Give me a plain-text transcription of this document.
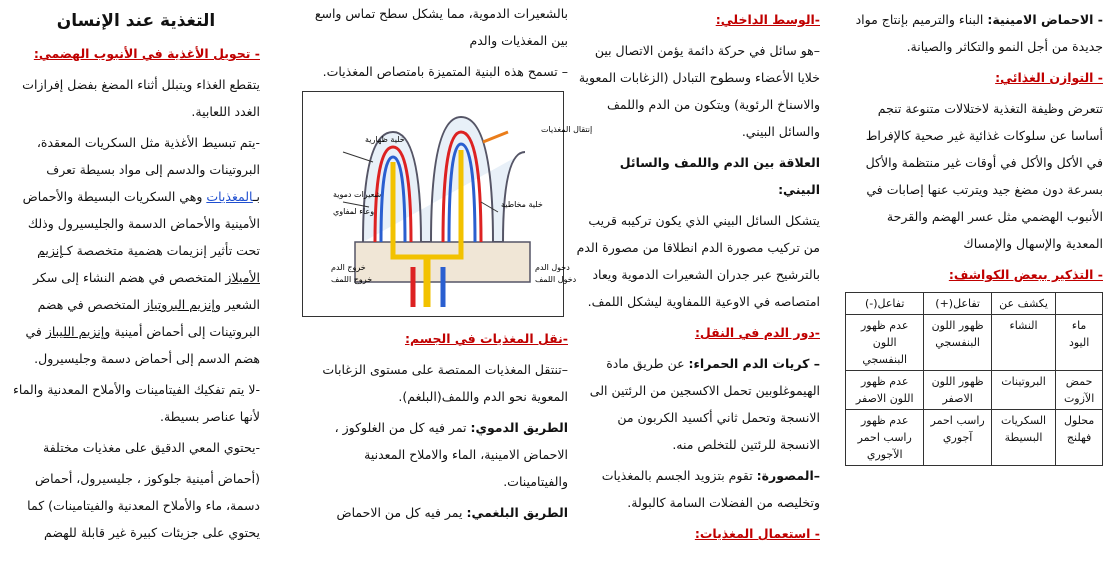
التغذية عند الإنسان

- تحويل الأغذية في الأنبوب الهضمي:

يتقطع الغذاء ويتبلل أثناء المضغ بفضل إفرازات الغدد اللعابية.

-يتم تبسيط الأغذية مثل السكريات المعقدة، البروتينات والدسم إلى مواد بسيطة تعرف بـالمغذيات وهي السكريات البسيطة والأحماض الأمينية والأحماض الدسمة والجليسيرول وذلك تحت تأثير إنزيمات هضمية متخصصة كـإنزيم الأميلاز المتخصص في هضم النشاء إلى سكر الشعير وإنزيم البروتياز المتخصص في هضم البروتينات إلى أحماض أمينية وإنزيم الليباز في هضم الدسم إلى أحماض دسمة وجليسيرول.

-لا يتم تفكيك الفيتامينات والأملاح المعدنية والماء لأنها عناصر بسيطة.

-يحتوي المعي الدقيق على مغذيات مختلفة

(أحماض أمينية جلوكوز ، جليسيرول، أحماض دسمة، ماء والأملاح المعدنية والفيتامينات) كما يحتوي على جزيئات كبيرة غير قابلة للهضم

بالشعيرات الدموية، مما يشكل سطح تماس واسع بين المغذيات والدم

– تسمح هذه البنية المتميزة بامتصاص المغذيات.

خلية ظهارية
خلية مخاطية
شعيرات دموية
وعاء لمفاوي
خروج الدم
خروج اللمف
دخول الدم
دخول اللمف
إنتقال المغذيات

-نقل المغذيات في الجسم:

–تنتقل المغذيات الممتصة على مستوى الزغابات المعوية نحو الدم واللمف(البلغم).

الطريق الدموي: تمر فيه كل من الغلوكوز ، الاحماض الامينية، الماء والاملاح المعدنية والفيتامينات.

الطريق البلغمي: يمر فيه كل من الاحماض

-الوسط الداخلي:

–هو سائل في حركة دائمة يؤمن الاتصال بين خلايا الأعضاء وسطوح التبادل (الزغابات المعوية والاسناخ الرئوية) ويتكون من الدم واللمف والسائل البيني.

العلاقة بين الدم واللمف والسائل البيني:

يتشكل السائل البيني الذي يكون تركيبه قريب من تركيب مصورة الدم انطلاقا من مصورة الدم بالترشيح عبر جدران الشعيرات الدموية ويعاد امتصاصه في الاوعية اللمفاوية ليشكل اللمف.

-دور الدم في النقل:

– كريات الدم الحمراء: عن طريق مادة الهيموغلوبين تحمل الاكسجين من الرئتين الى الانسجة وتحمل ثاني أكسيد الكربون من الانسجة للرئتين للتخلص منه.

–المصورة: تقوم بتزويد الجسم بالمغذيات وتخليصه من الفضلات السامة كالبولة.

- استعمال المغذيات:

- الاحماض الامينية: البناء والترميم بإنتاج مواد جديدة من أجل النمو والتكاثر والصيانة.

- التوازن الغذائي:

تتعرض وظيفة التغذية لاختلالات متنوعة تنجم أساسا عن سلوكات غذائية غير صحية كالإفراط في الأكل والأكل في أوقات غير منتظمة والأكل بسرعة دون مضغ جيد ويترتب عنها إصابات في الأنبوب الهضمي مثل عسر الهضم والقرحة المعدية والإسهال والإمساك

- التذكير ببعض الكواشف:

	يكشف عن	تفاعل(+)	تفاعل(-)
ماء اليود	النشاء	ظهور اللون البنفسجي	عدم ظهور اللون البنفسجي
حمض الآزوت	البروتينات	ظهور اللون الاصفر	عدم ظهور اللون الاصفر
محلول فهلنج	السكريات البسيطة	راسب احمر آجوري	عدم ظهور راسب احمر الآجوري
